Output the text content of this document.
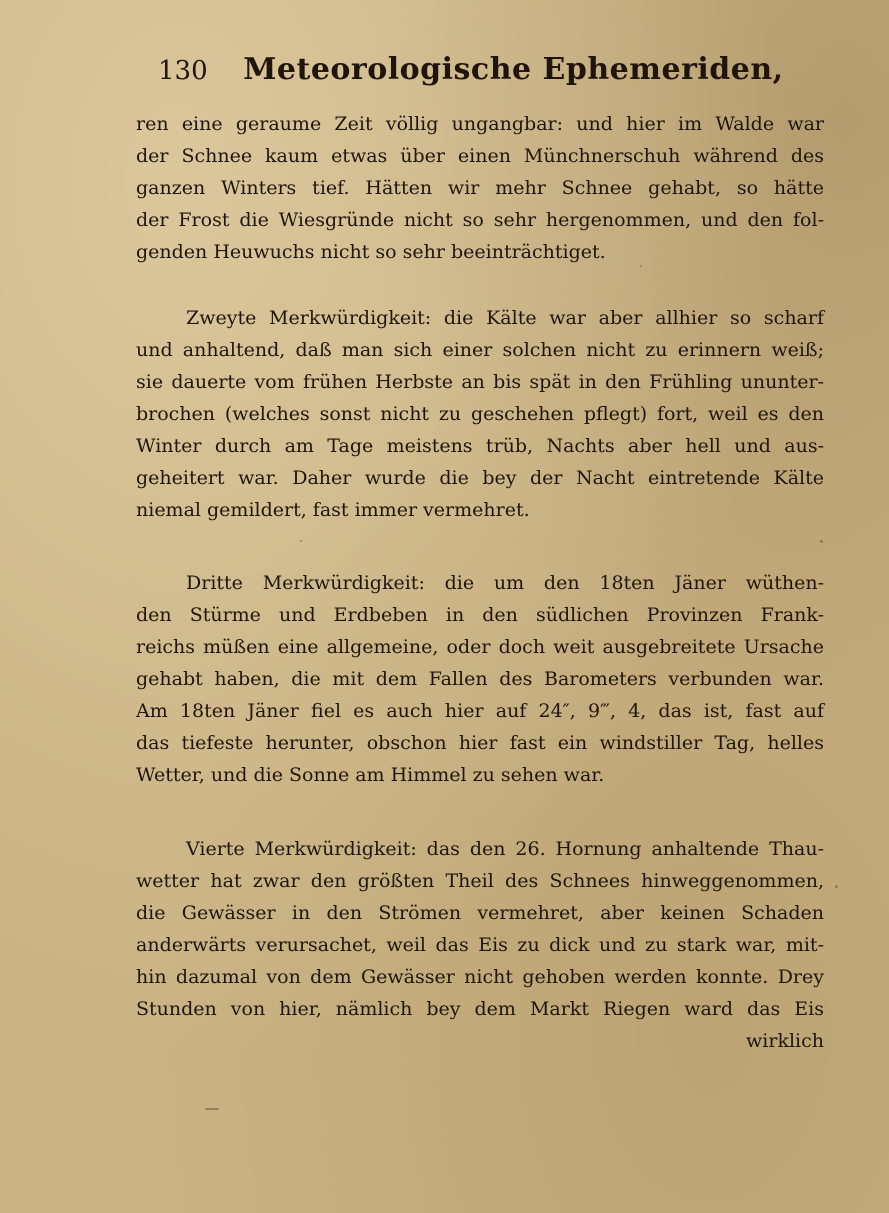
130 Meteorologische Ephemeriden,
ren eine geraume Zeit völlig ungangbar: und hier im Walde war
der Schnee kaum etwas über einen Münchnerschuh während des
ganzen Winters tief. Hätten wir mehr Schnee gehabt, so hätte
der Frost die Wiesgründe nicht so sehr hergenommen, und den fol-
genden Heuwuchs nicht so sehr beeinträchtiget.
Zweyte Merkwürdigkeit: die Kälte war aber allhier so scharf
und anhaltend, daß man sich einer solchen nicht zu erinnern weiß;
sie dauerte vom frühen Herbste an bis spät in den Frühling ununter-
brochen (welches sonst nicht zu geschehen pflegt) fort, weil es den
Winter durch am Tage meistens trüb, Nachts aber hell und aus-
geheitert war. Daher wurde die bey der Nacht eintretende Kälte
niemal gemildert, fast immer vermehret.
Dritte Merkwürdigkeit: die um den 18ten Jäner wüthen-
den Stürme und Erdbeben in den südlichen Provinzen Frank-
reichs müßen eine allgemeine, oder doch weit ausgebreitete Ursache
gehabt haben, die mit dem Fallen des Barometers verbunden war.
Am 18ten Jäner fiel es auch hier auf 24″, 9‴, 4, das ist, fast auf
das tiefeste herunter, obschon hier fast ein windstiller Tag, helles
Wetter, und die Sonne am Himmel zu sehen war.
Vierte Merkwürdigkeit: das den 26. Hornung anhaltende Thau-
wetter hat zwar den größten Theil des Schnees hinweggenommen,
die Gewässer in den Strömen vermehret, aber keinen Schaden
anderwärts verursachet, weil das Eis zu dick und zu stark war, mit-
hin dazumal von dem Gewässer nicht gehoben werden konnte. Drey
Stunden von hier, nämlich bey dem Markt Riegen ward das Eis
wirklich
